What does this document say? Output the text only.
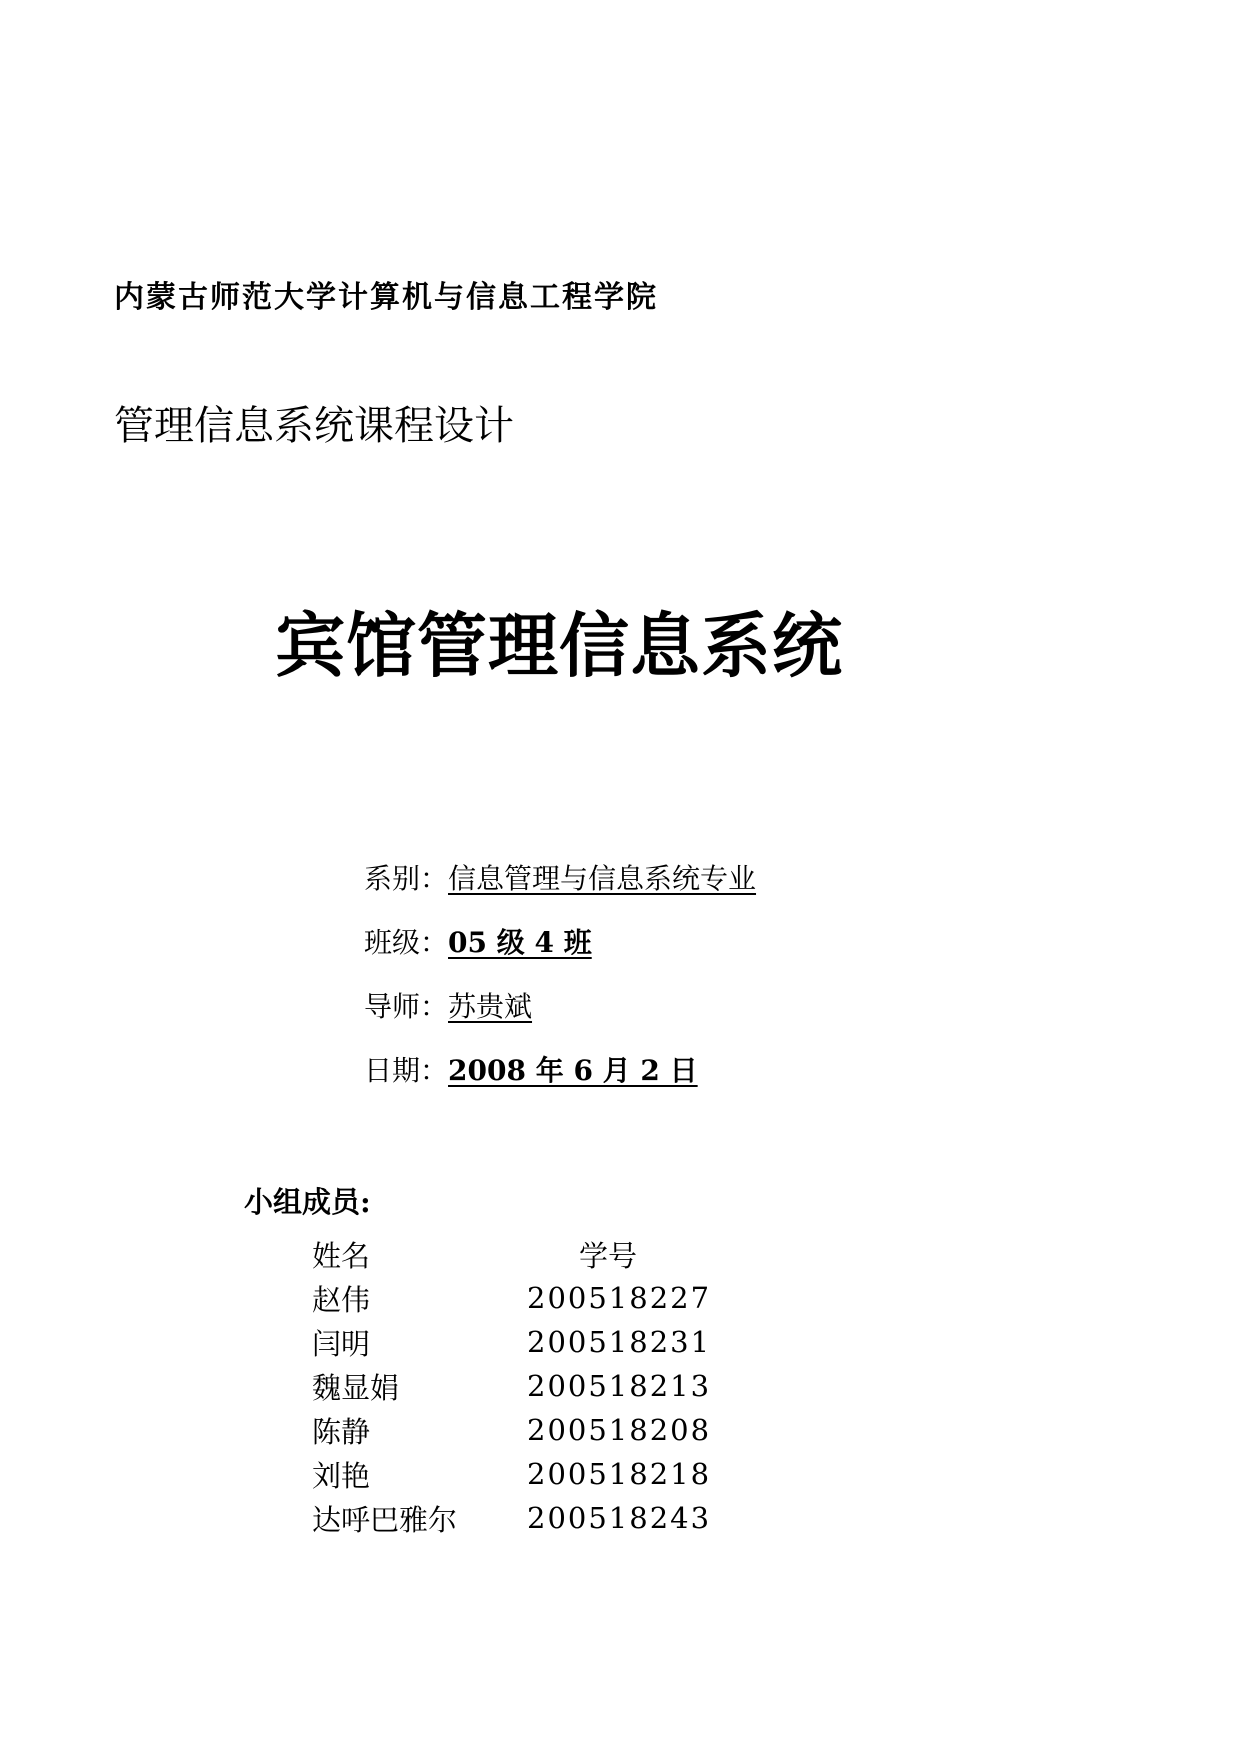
内蒙古师范大学计算机与信息工程学院
管理信息系统课程设计
宾馆管理信息系统
系别：信息管理与信息系统专业
班级：05 级 4 班
导师：苏贵斌
日期：2008 年 6 月 2 日
小组成员:
姓名	学号
赵伟	200518227
闫明	200518231
魏显娟	200518213
陈静	200518208
刘艳	200518218
达呼巴雅尔	200518243
